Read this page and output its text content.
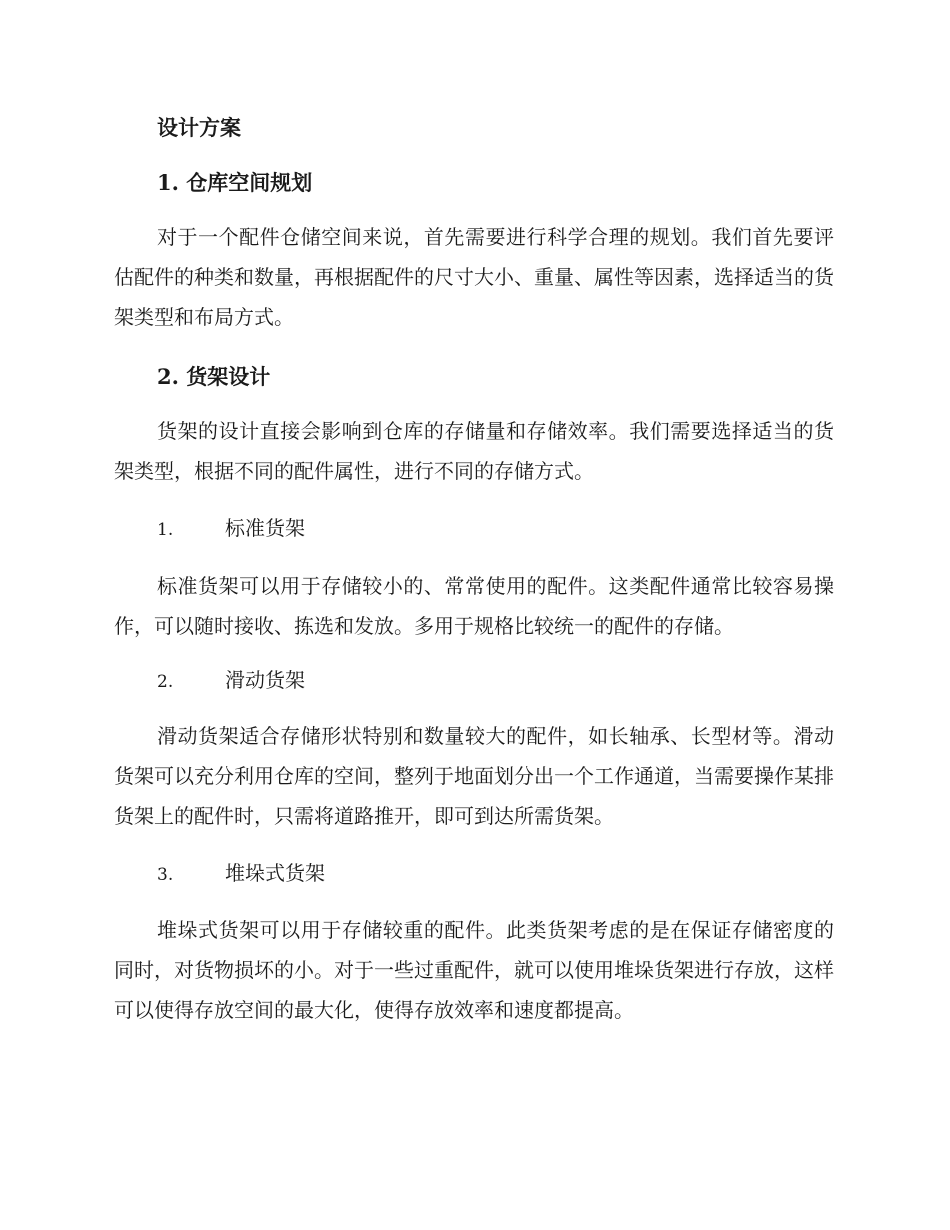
设计方案
1. 仓库空间规划
对于一个配件仓储空间来说，首先需要进行科学合理的规划。我们首先要评估配件的种类和数量，再根据配件的尺寸大小、重量、属性等因素，选择适当的货架类型和布局方式。
2. 货架设计
货架的设计直接会影响到仓库的存储量和存储效率。我们需要选择适当的货架类型，根据不同的配件属性，进行不同的存储方式。
1.	标准货架
标准货架可以用于存储较小的、常常使用的配件。这类配件通常比较容易操作，可以随时接收、拣选和发放。多用于规格比较统一的配件的存储。
2.	滑动货架
滑动货架适合存储形状特别和数量较大的配件，如长轴承、长型材等。滑动货架可以充分利用仓库的空间，整列于地面划分出一个工作通道，当需要操作某排货架上的配件时，只需将道路推开，即可到达所需货架。
3.	堆垛式货架
堆垛式货架可以用于存储较重的配件。此类货架考虑的是在保证存储密度的同时，对货物损坏的小。对于一些过重配件，就可以使用堆垛货架进行存放，这样可以使得存放空间的最大化，使得存放效率和速度都提高。
